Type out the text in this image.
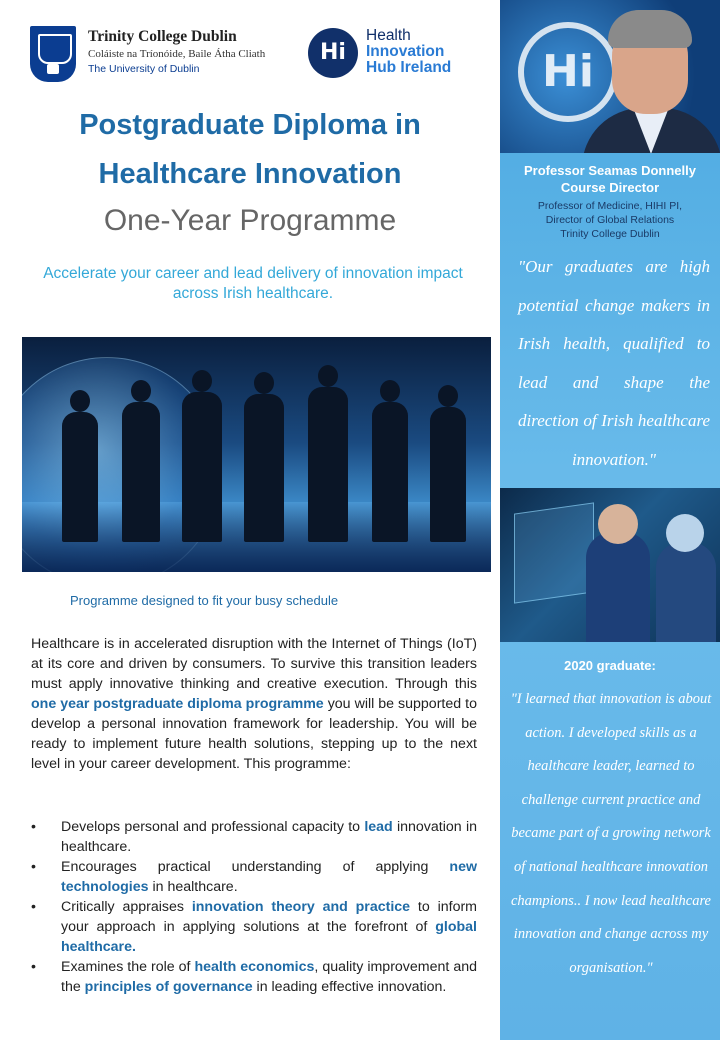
Trinity College Dublin
Coláiste na Tríonóide, Baile Átha Cliath
The University of Dublin
Hi
Health
Innovation
Hub Ireland
Postgraduate Diploma in
Healthcare Innovation
One-Year Programme
Accelerate your career and lead delivery of innovation impact across Irish healthcare.
Programme designed to fit your busy schedule
Healthcare is in accelerated disruption with the Internet of Things (IoT) at its core and driven by consumers. To survive this transition leaders must apply innovative thinking and creative execution. Through this one year postgraduate diploma programme you will be supported to develop a personal innovation framework for leadership. You will be ready to implement future health solutions, stepping up to the next level in your career development. This programme:
• Develops personal and professional capacity to lead innovation in healthcare.
• Encourages practical understanding of applying new technologies in healthcare.
• Critically appraises innovation theory and practice to inform your approach in applying solutions at the forefront of global healthcare.
• Examines the role of health economics, quality improvement and the principles of governance in leading effective innovation.
Hi
Professor Seamas Donnelly
Course Director
Professor of Medicine, HIHI PI,
Director of Global Relations
Trinity College Dublin
"Our graduates are high potential change makers in Irish health, qualified to lead and shape the direction of Irish healthcare innovation."
2020 graduate:
"I learned that innovation is about action. I developed skills as a healthcare leader, learned to challenge current practice and became part of a growing network of national healthcare innovation champions.. I now lead healthcare innovation and change across my organisation."
